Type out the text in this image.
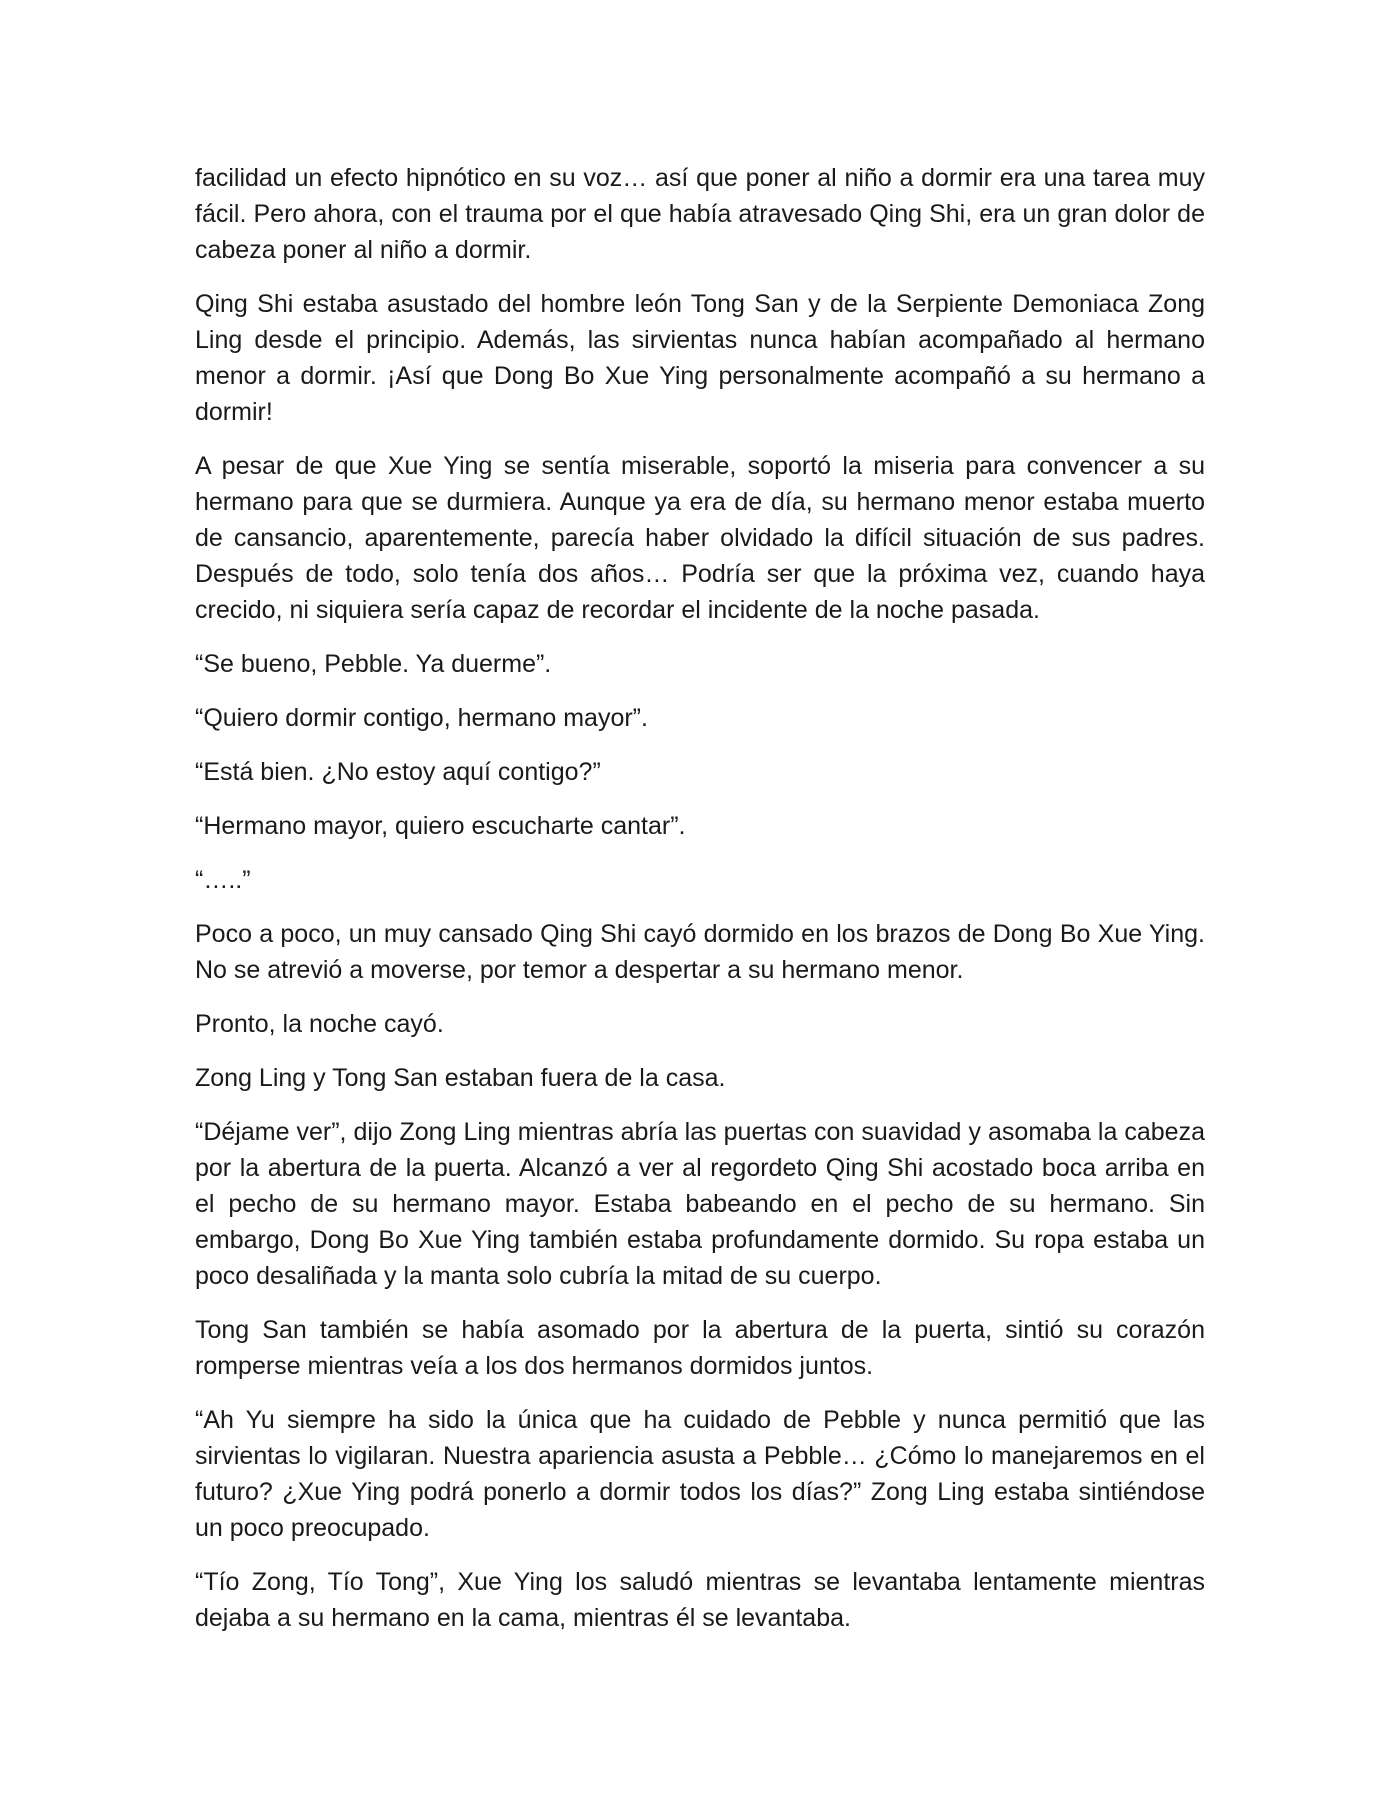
facilidad un efecto hipnótico en su voz… así que poner al niño a dormir era una tarea muy fácil. Pero ahora, con el trauma por el que había atravesado Qing Shi, era un gran dolor de cabeza poner al niño a dormir.

Qing Shi estaba asustado del hombre león Tong San y de la Serpiente Demoniaca Zong Ling desde el principio. Además, las sirvientas nunca habían acompañado al hermano menor a dormir. ¡Así que Dong Bo Xue Ying personalmente acompañó a su hermano a dormir!

A pesar de que Xue Ying se sentía miserable, soportó la miseria para convencer a su hermano para que se durmiera. Aunque ya era de día, su hermano menor estaba muerto de cansancio, aparentemente, parecía haber olvidado la difícil situación de sus padres. Después de todo, solo tenía dos años… Podría ser que la próxima vez, cuando haya crecido, ni siquiera sería capaz de recordar el incidente de la noche pasada.

“Se bueno, Pebble. Ya duerme”.

“Quiero dormir contigo, hermano mayor”.

“Está bien. ¿No estoy aquí contigo?”

“Hermano mayor, quiero escucharte cantar”.

“…..”

Poco a poco, un muy cansado Qing Shi cayó dormido en los brazos de Dong Bo Xue Ying. No se atrevió a moverse, por temor a despertar a su hermano menor.

Pronto, la noche cayó.

Zong Ling y Tong San estaban fuera de la casa.

“Déjame ver”, dijo Zong Ling mientras abría las puertas con suavidad y asomaba la cabeza por la abertura de la puerta. Alcanzó a ver al regordeto Qing Shi acostado boca arriba en el pecho de su hermano mayor. Estaba babeando en el pecho de su hermano. Sin embargo, Dong Bo Xue Ying también estaba profundamente dormido. Su ropa estaba un poco desaliñada y la manta solo cubría la mitad de su cuerpo.

Tong San también se había asomado por la abertura de la puerta, sintió su corazón romperse mientras veía a los dos hermanos dormidos juntos.

“Ah Yu siempre ha sido la única que ha cuidado de Pebble y nunca permitió que las sirvientas lo vigilaran. Nuestra apariencia asusta a Pebble… ¿Cómo lo manejaremos en el futuro? ¿Xue Ying podrá ponerlo a dormir todos los días?” Zong Ling estaba sintiéndose un poco preocupado.

“Tío Zong, Tío Tong”, Xue Ying los saludó mientras se levantaba lentamente mientras dejaba a su hermano en la cama, mientras él se levantaba.
